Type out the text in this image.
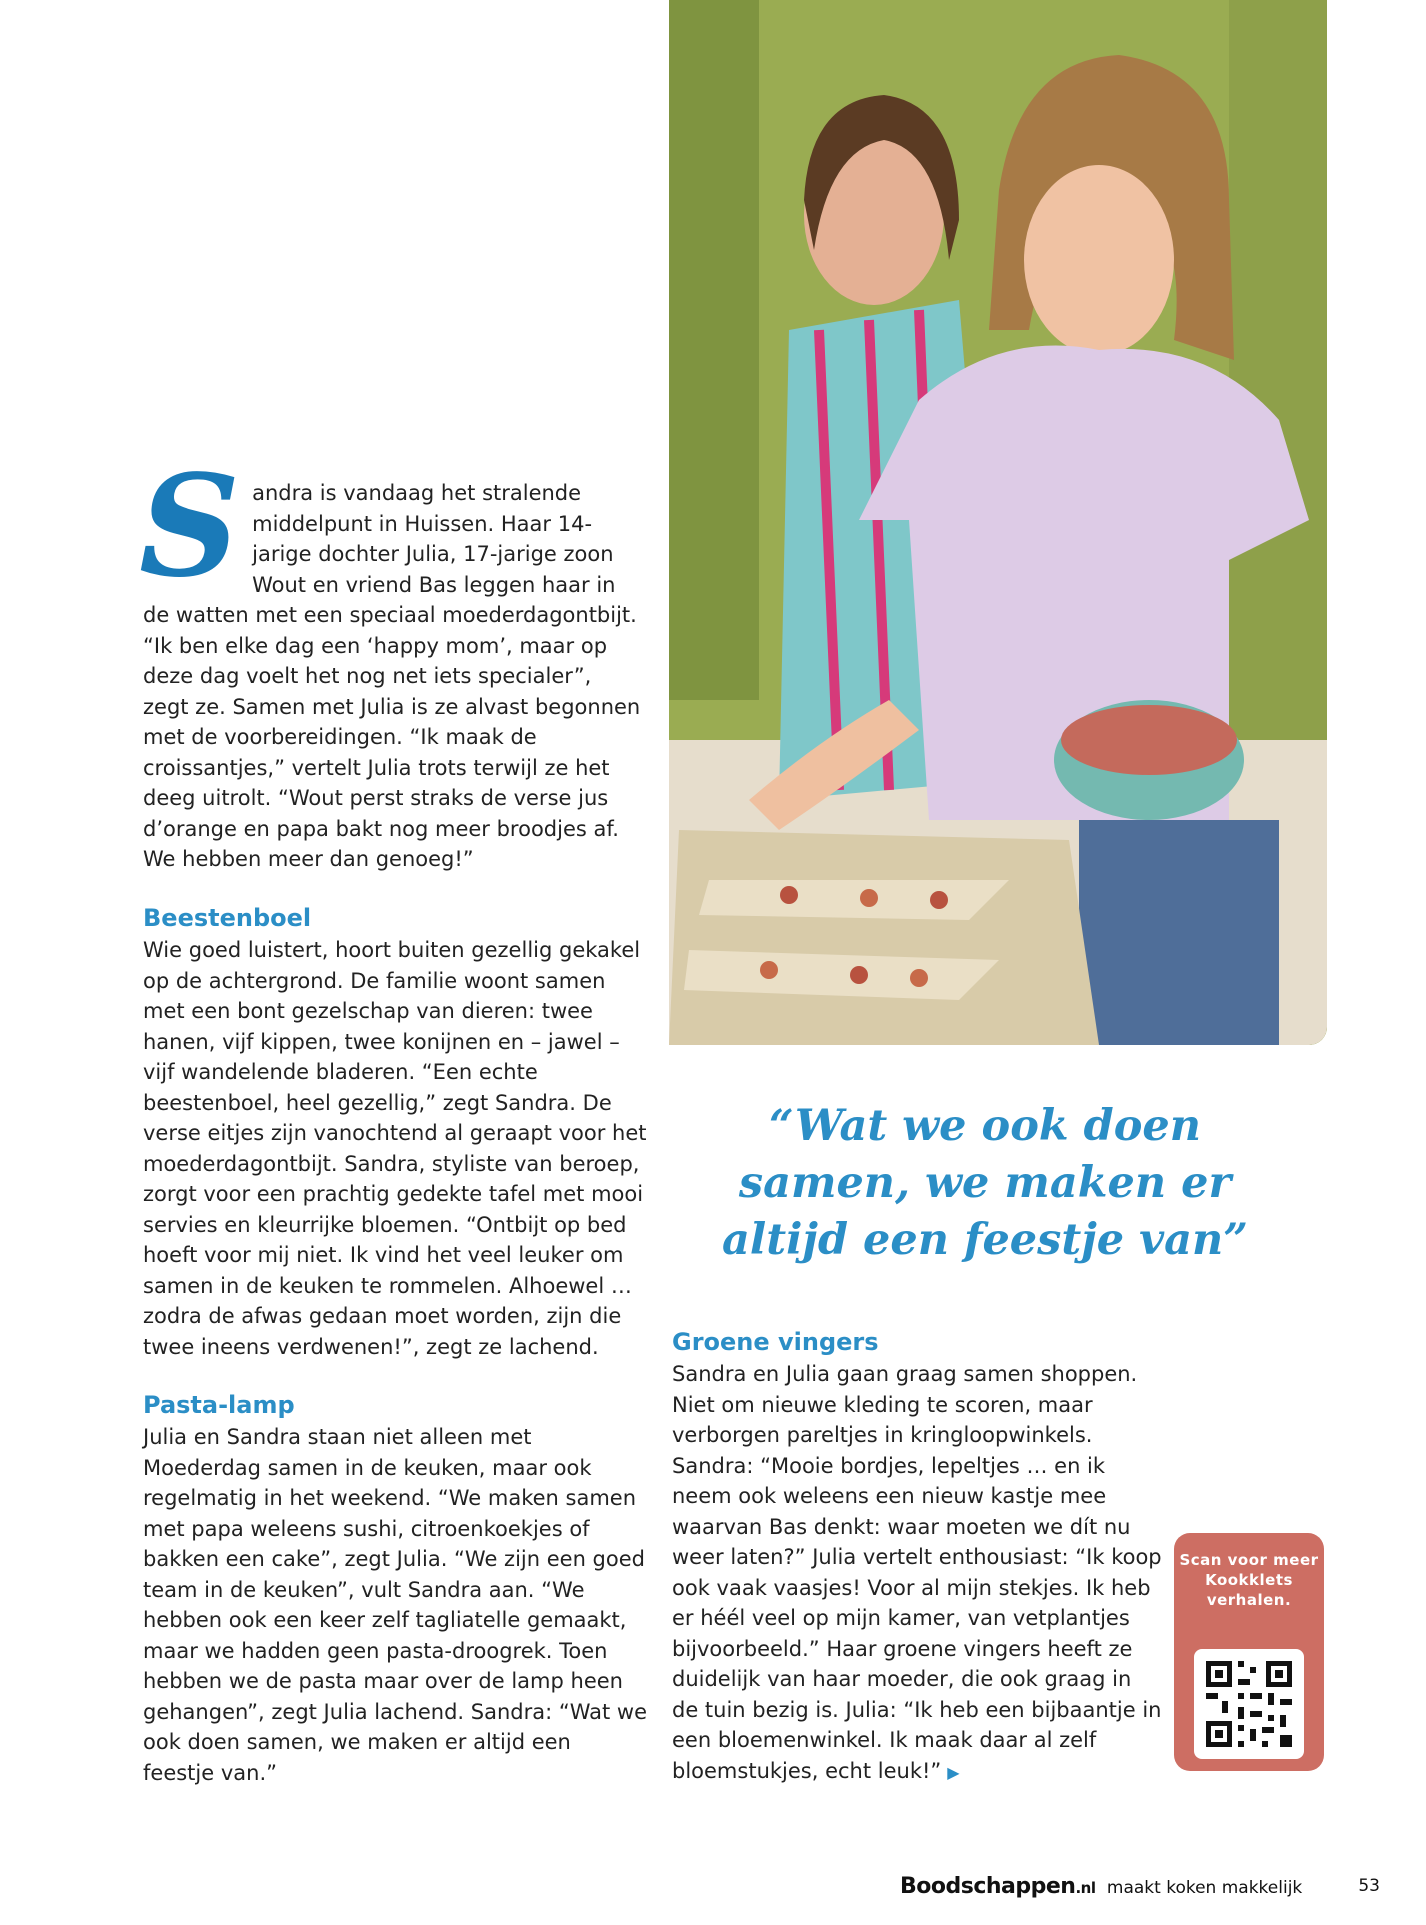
Sandra is vandaag het stralende middelpunt in Huissen. Haar 14-jarige dochter Julia, 17-jarige zoon Wout en vriend Bas leggen haar in de watten met een speciaal moederdagontbijt. “Ik ben elke dag een ‘happy mom’, maar op deze dag voelt het nog net iets specialer”, zegt ze. Samen met Julia is ze alvast begonnen met de voorbereidingen. “Ik maak de croissantjes,” vertelt Julia trots terwijl ze het deeg uitrolt. “Wout perst straks de verse jus d’orange en papa bakt nog meer broodjes af. We hebben meer dan genoeg!”
Beestenboel

Wie goed luistert, hoort buiten gezellig gekakel op de achtergrond. De familie woont samen met een bont gezelschap van dieren: twee hanen, vijf kippen, twee konijnen en – jawel – vijf wandelende bladeren. “Een echte beestenboel, heel gezellig,” zegt Sandra. De verse eitjes zijn vanochtend al geraapt voor het moederdagontbijt. Sandra, styliste van beroep, zorgt voor een prachtig gedekte tafel met mooi servies en kleurrijke bloemen. “Ontbijt op bed hoeft voor mij niet. Ik vind het veel leuker om samen in de keuken te rommelen. Alhoewel … zodra de afwas gedaan moet worden, zijn die twee ineens verdwenen!”, zegt ze lachend.

Pasta-lamp

Julia en Sandra staan niet alleen met Moederdag samen in de keuken, maar ook regelmatig in het weekend. “We maken samen met papa weleens sushi, citroenkoekjes of bakken een cake”, zegt Julia. “We zijn een goed team in de keuken”, vult Sandra aan. “We hebben ook een keer zelf tagliatelle gemaakt, maar we hadden geen pasta-droogrek. Toen hebben we de pasta maar over de lamp heen gehangen”, zegt Julia lachend. Sandra: “Wat we ook doen samen, we maken er altijd een feestje van.”

“Wat we ook doen samen, we maken er altijd een feestje van”
Groene vingers

Sandra en Julia gaan graag samen shoppen. Niet om nieuwe kleding te scoren, maar verborgen pareltjes in kringloopwinkels. Sandra: “Mooie bordjes, lepeltjes … en ik neem ook weleens een nieuw kastje mee waarvan Bas denkt: waar moeten we dít nu weer laten?” Julia vertelt enthousiast: “Ik koop ook vaak vaasjes! Voor al mijn stekjes. Ik heb er héél veel op mijn kamer, van vetplantjes bijvoorbeeld.” Haar groene vingers heeft ze duidelijk van haar moeder, die ook graag in de tuin bezig is. Julia: “Ik heb een bijbaantje in een bloemenwinkel. Ik maak daar al zelf bloemstukjes, echt leuk!” ▶

Scan voor meer Kookklets verhalen.
Boodschappen.nl maakt koken makkelijk	53
